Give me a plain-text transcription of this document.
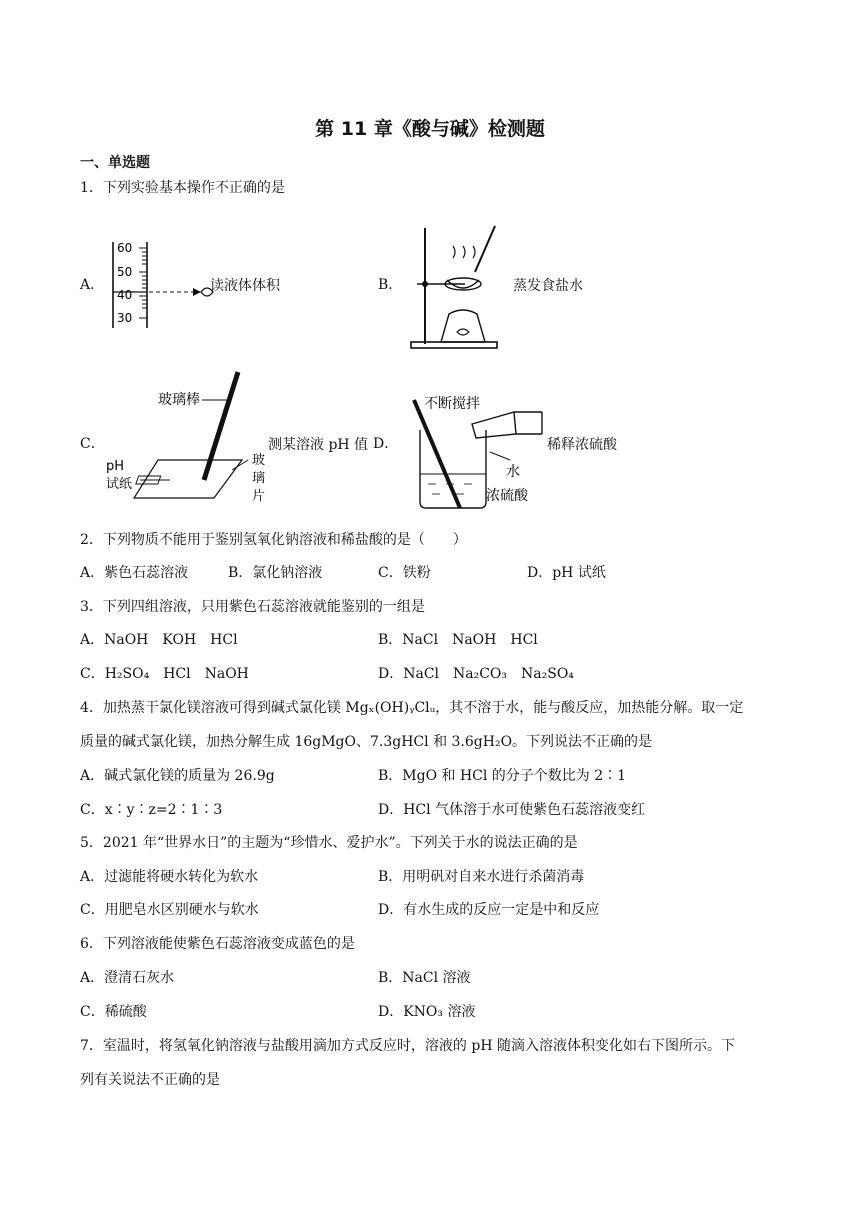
第 11 章《酸与碱》检测题
一、单选题
1．下列实验基本操作不正确的是
A．
60
50
40
30
读液体体积	B．	蒸发食盐水
C．
玻璃棒
pH
试纸
玻
璃
片
测某溶液 pH 值 D．
不断搅拌
水
浓硫酸
稀释浓硫酸
2．下列物质不能用于鉴别氢氧化钠溶液和稀盐酸的是（　　）
A．紫色石蕊溶液	B．氯化钠溶液	C．铁粉	D．pH 试纸
3．下列四组溶液，只用紫色石蕊溶液就能鉴别的一组是
A．NaOH　KOH　HCl	B．NaCl　NaOH　HCl
C．H₂SO₄　HCl　NaOH	D．NaCl　Na₂CO₃　Na₂SO₄
4．加热蒸干氯化镁溶液可得到碱式氯化镁 Mgₓ(OH)ᵧClᵤ，其不溶于水，能与酸反应，加热能分解。取一定
质量的碱式氯化镁，加热分解生成 16gMgO、7.3gHCl 和 3.6gH₂O。下列说法不正确的是
A．碱式氯化镁的质量为 26.9g	B．MgO 和 HCl 的分子个数比为 2∶1
C．x∶y∶z=2∶1∶3	D．HCl 气体溶于水可使紫色石蕊溶液变红
5．2021 年“世界水日”的主题为“珍惜水、爱护水”。下列关于水的说法正确的是
A．过滤能将硬水转化为软水	B．用明矾对自来水进行杀菌消毒
C．用肥皂水区别硬水与软水	D．有水生成的反应一定是中和反应
6．下列溶液能使紫色石蕊溶液变成蓝色的是
A．澄清石灰水	B．NaCl 溶液
C．稀硫酸	D．KNO₃ 溶液
7．室温时，将氢氧化钠溶液与盐酸用滴加方式反应时，溶液的 pH 随滴入溶液体积变化如右下图所示。下
列有关说法不正确的是
